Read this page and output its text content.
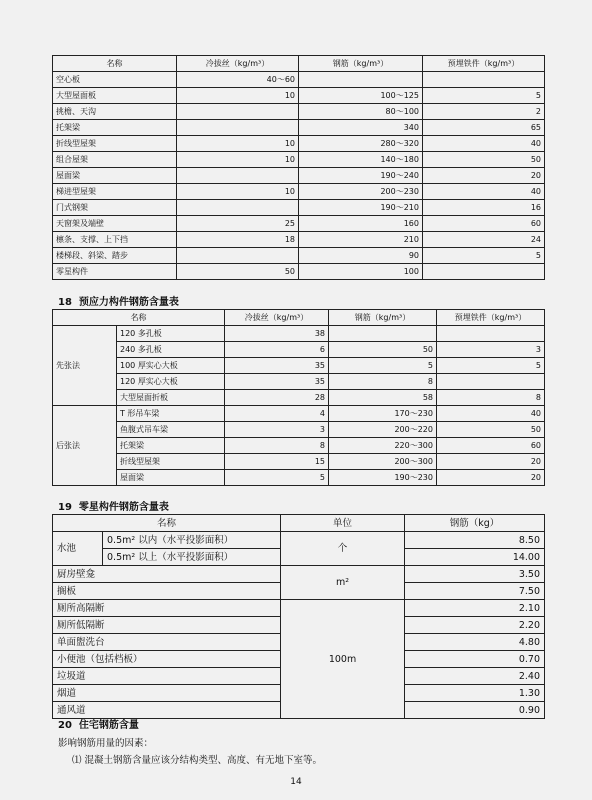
名称	冷拔丝（kg/m³）	钢筋（kg/m³）	预埋铁件（kg/m³）
空心板	40～60		
大型屋面板	10	100～125	5
挑檐、天沟		80～100	2
托架梁		340	65
折线型屋架	10	280～320	40
组合屋架	10	140～180	50
屋面梁		190～240	20
梯进型屋架	10	200～230	40
门式钢架		190～210	16
天窗架及端壁	25	160	60
檩条、支撑、上下挡	18	210	24
楼梯段、斜梁、踏步		90	5
零星构件	50	100	
18 预应力构件钢筋含量表
名称		冷拔丝（kg/m³）	钢筋（kg/m³）	预埋铁件（kg/m³）
先张法	120 多孔板	38		
	240 多孔板	6	50	3
	100 厚实心大板	35	5	5
	120 厚实心大板	35	8	
	大型屋面折板	28	58	8
后张法	T 形吊车梁	4	170～230	40
	鱼腹式吊车梁	3	200～220	50
	托架梁	8	220～300	60
	折线型屋架	15	200～300	20
	屋面梁	5	190～230	20
19 零星构件钢筋含量表
名称		单位	钢筋（kg）
水池	0.5m² 以内（水平投影面积）	个	8.50
	0.5m² 以上（水平投影面积）		14.00
厨房壁龛		m²	3.50
搁板			7.50
厕所高隔断		100m	2.10
厕所低隔断			2.20
单面盥洗台			4.80
小便池（包括档板）			0.70
垃圾道			2.40
烟道			1.30
通风道			0.90
20 住宅钢筋含量
影响钢筋用量的因素：
⑴ 混凝土钢筋含量应该分结构类型、高度、有无地下室等。
14
